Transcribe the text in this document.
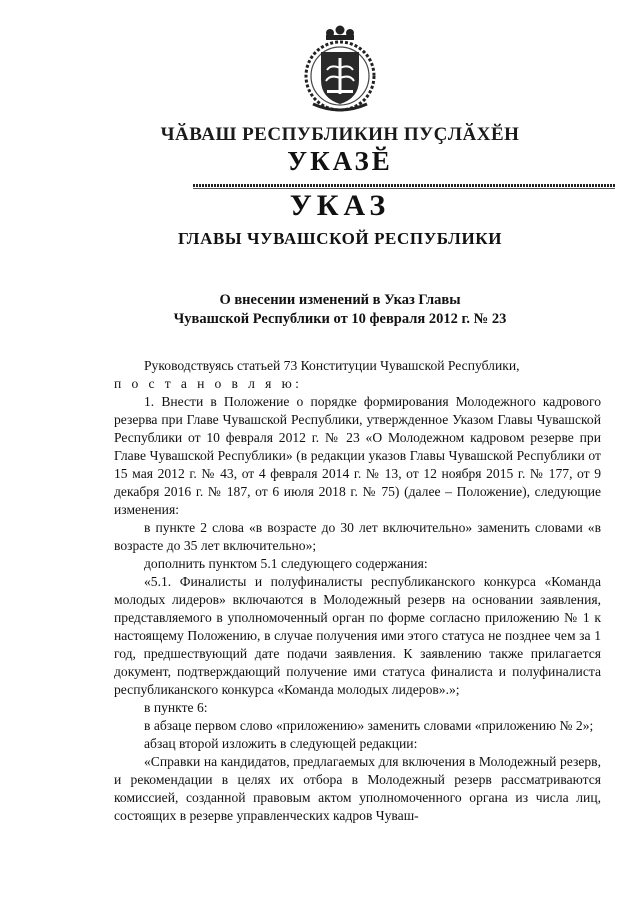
ЧӐВАШ РЕСПУБЛИКИН ПУҪЛӐХӖН
УКАЗӖ
УКАЗ
ГЛАВЫ ЧУВАШСКОЙ РЕСПУБЛИКИ
О внесении изменений в Указ Главы
Чувашской Республики от 10 февраля 2012 г. № 23

Руководствуясь статьей 73 Конституции Чувашской Республики,

п о с т а н о в л я ю:

1. Внести в Положение о порядке формирования Молодежного кадрового резерва при Главе Чувашской Республики, утвержденное Указом Главы Чувашской Республики от 10 февраля 2012 г. № 23 «О Молодежном кадровом резерве при Главе Чувашской Республики» (в редакции указов Главы Чувашской Республики от 15 мая 2012 г. № 43, от 4 февраля 2014 г. № 13, от 12 ноября 2015 г. № 177, от 9 декабря 2016 г. № 187, от 6 июля 2018 г. № 75) (далее – Положение), следующие изменения:

в пункте 2 слова «в возрасте до 30 лет включительно» заменить словами «в возрасте до 35 лет включительно»;

дополнить пунктом 5.1 следующего содержания:

«5.1. Финалисты и полуфиналисты республиканского конкурса «Команда молодых лидеров» включаются в Молодежный резерв на основании заявления, представляемого в уполномоченный орган по форме согласно приложению № 1 к настоящему Положению, в случае получения ими этого статуса не позднее чем за 1 год, предшествующий дате подачи заявления. К заявлению также прилагается документ, подтверждающий получение ими статуса финалиста и полуфиналиста республиканского конкурса «Команда молодых лидеров».»;

в пункте 6:

в абзаце первом слово «приложению» заменить словами «приложению № 2»;

абзац второй изложить в следующей редакции:

«Справки на кандидатов, предлагаемых для включения в Молодежный резерв, и рекомендации в целях их отбора в Молодежный резерв рассматриваются комиссией, созданной правовым актом уполномоченного органа из числа лиц, состоящих в резерве управленческих кадров Чуваш-
